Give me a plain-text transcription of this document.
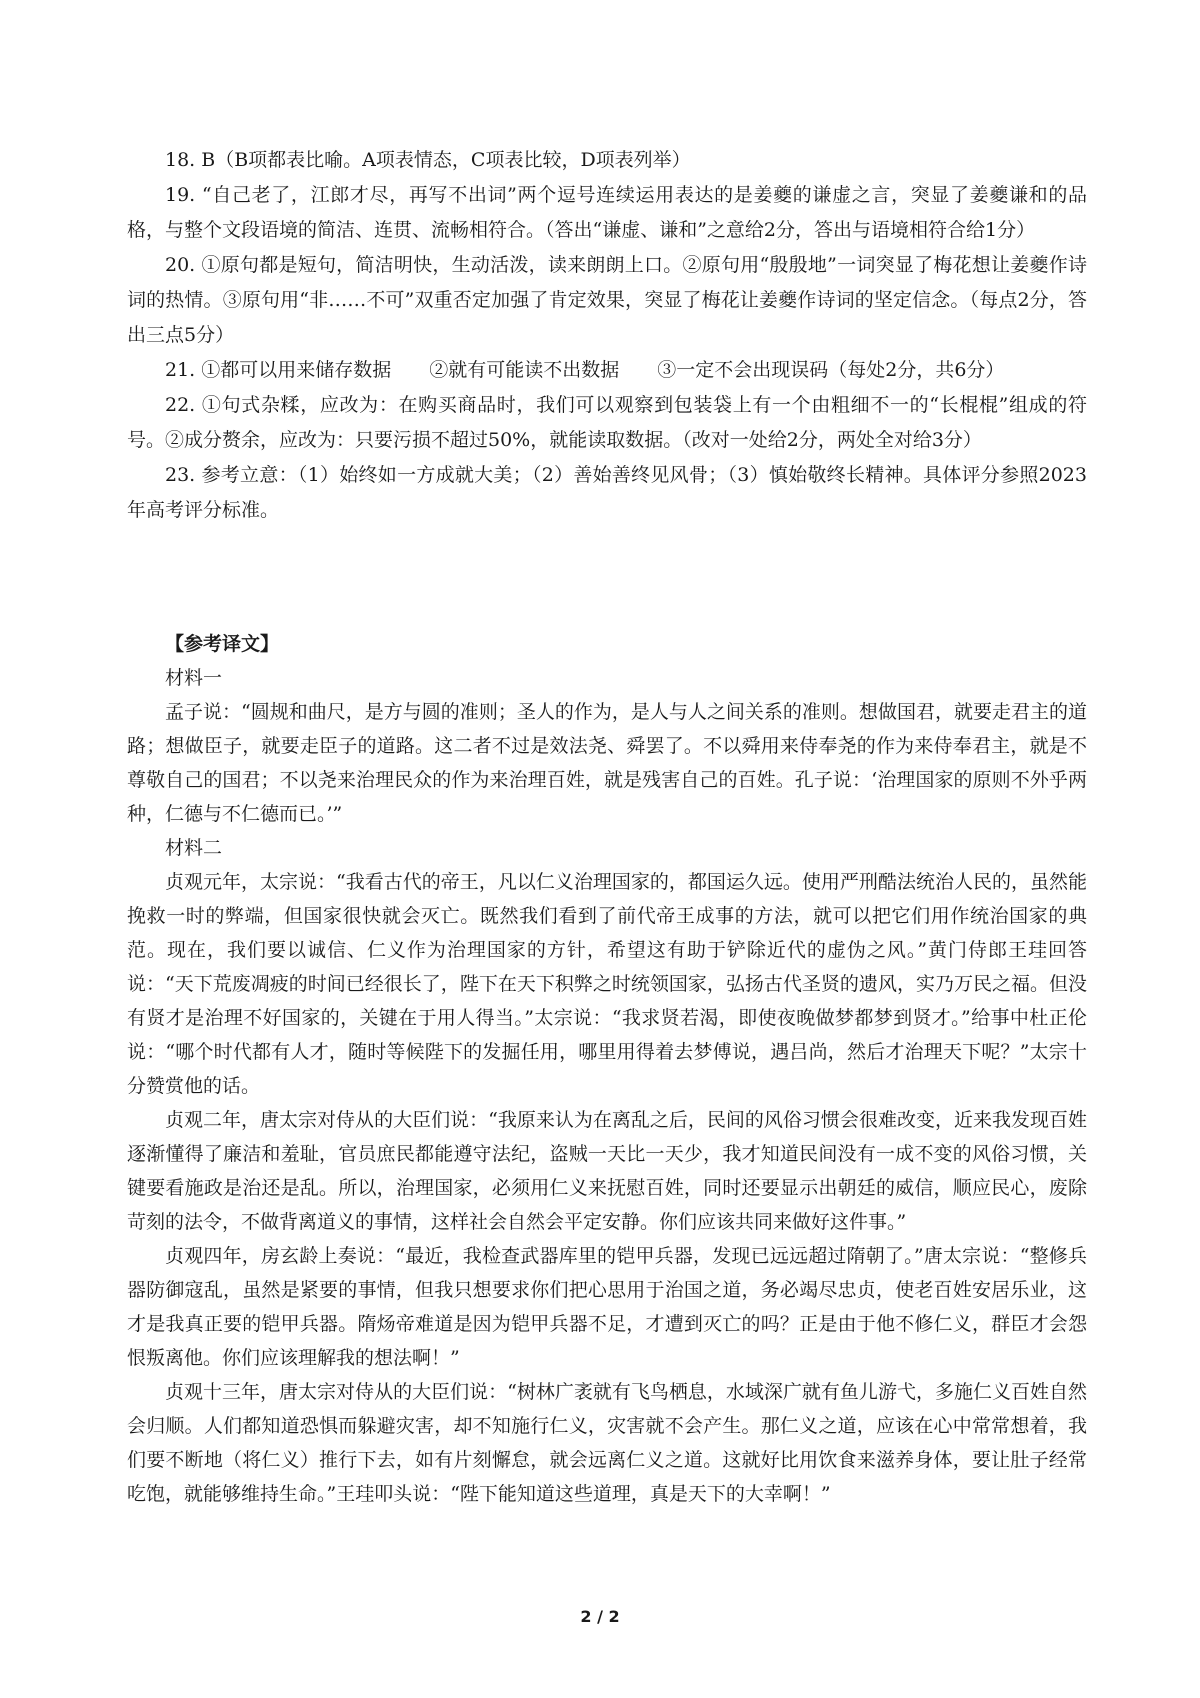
18. B（B项都表比喻。A项表情态，C项表比较，D项表列举）

19. “自己老了，江郎才尽，再写不出词”两个逗号连续运用表达的是姜夔的谦虚之言，突显了姜夔谦和的品格，与整个文段语境的简洁、连贯、流畅相符合。（答出“谦虚、谦和”之意给2分，答出与语境相符合给1分）

20. ①原句都是短句，简洁明快，生动活泼，读来朗朗上口。②原句用“殷殷地”一词突显了梅花想让姜夔作诗词的热情。③原句用“非……不可”双重否定加强了肯定效果，突显了梅花让姜夔作诗词的坚定信念。（每点2分，答出三点5分）

21. ①都可以用来储存数据　　②就有可能读不出数据　　③一定不会出现误码（每处2分，共6分）

22. ①句式杂糅，应改为：在购买商品时，我们可以观察到包装袋上有一个由粗细不一的“长棍棍”组成的符号。②成分赘余，应改为：只要污损不超过50%，就能读取数据。（改对一处给2分，两处全对给3分）

23. 参考立意：（1）始终如一方成就大美；（2）善始善终见风骨；（3）慎始敬终长精神。具体评分参照2023年高考评分标准。

【参考译文】

材料一

孟子说：“圆规和曲尺，是方与圆的准则；圣人的作为，是人与人之间关系的准则。想做国君，就要走君主的道路；想做臣子，就要走臣子的道路。这二者不过是效法尧、舜罢了。不以舜用来侍奉尧的作为来侍奉君主，就是不尊敬自己的国君；不以尧来治理民众的作为来治理百姓，就是残害自己的百姓。孔子说：‘治理国家的原则不外乎两种，仁德与不仁德而已。’”

材料二

贞观元年，太宗说：“我看古代的帝王，凡以仁义治理国家的，都国运久远。使用严刑酷法统治人民的，虽然能挽救一时的弊端，但国家很快就会灭亡。既然我们看到了前代帝王成事的方法，就可以把它们用作统治国家的典范。现在，我们要以诚信、仁义作为治理国家的方针，希望这有助于铲除近代的虚伪之风。”黄门侍郎王珪回答说：“天下荒废凋疲的时间已经很长了，陛下在天下积弊之时统领国家，弘扬古代圣贤的遗风，实乃万民之福。但没有贤才是治理不好国家的，关键在于用人得当。”太宗说：“我求贤若渴，即使夜晚做梦都梦到贤才。”给事中杜正伦说：“哪个时代都有人才，随时等候陛下的发掘任用，哪里用得着去梦傅说，遇吕尚，然后才治理天下呢？”太宗十分赞赏他的话。

贞观二年，唐太宗对侍从的大臣们说：“我原来认为在离乱之后，民间的风俗习惯会很难改变，近来我发现百姓逐渐懂得了廉洁和羞耻，官员庶民都能遵守法纪，盗贼一天比一天少，我才知道民间没有一成不变的风俗习惯，关键要看施政是治还是乱。所以，治理国家，必须用仁义来抚慰百姓，同时还要显示出朝廷的威信，顺应民心，废除苛刻的法令，不做背离道义的事情，这样社会自然会平定安静。你们应该共同来做好这件事。”

贞观四年，房玄龄上奏说：“最近，我检查武器库里的铠甲兵器，发现已远远超过隋朝了。”唐太宗说：“整修兵器防御寇乱，虽然是紧要的事情，但我只想要求你们把心思用于治国之道，务必竭尽忠贞，使老百姓安居乐业，这才是我真正要的铠甲兵器。隋炀帝难道是因为铠甲兵器不足，才遭到灭亡的吗？正是由于他不修仁义，群臣才会怨恨叛离他。你们应该理解我的想法啊！”

贞观十三年，唐太宗对侍从的大臣们说：“树林广袤就有飞鸟栖息，水域深广就有鱼儿游弋，多施仁义百姓自然会归顺。人们都知道恐惧而躲避灾害，却不知施行仁义，灾害就不会产生。那仁义之道，应该在心中常常想着，我们要不断地（将仁义）推行下去，如有片刻懈怠，就会远离仁义之道。这就好比用饮食来滋养身体，要让肚子经常吃饱，就能够维持生命。”王珪叩头说：“陛下能知道这些道理，真是天下的大幸啊！”

2 / 2
